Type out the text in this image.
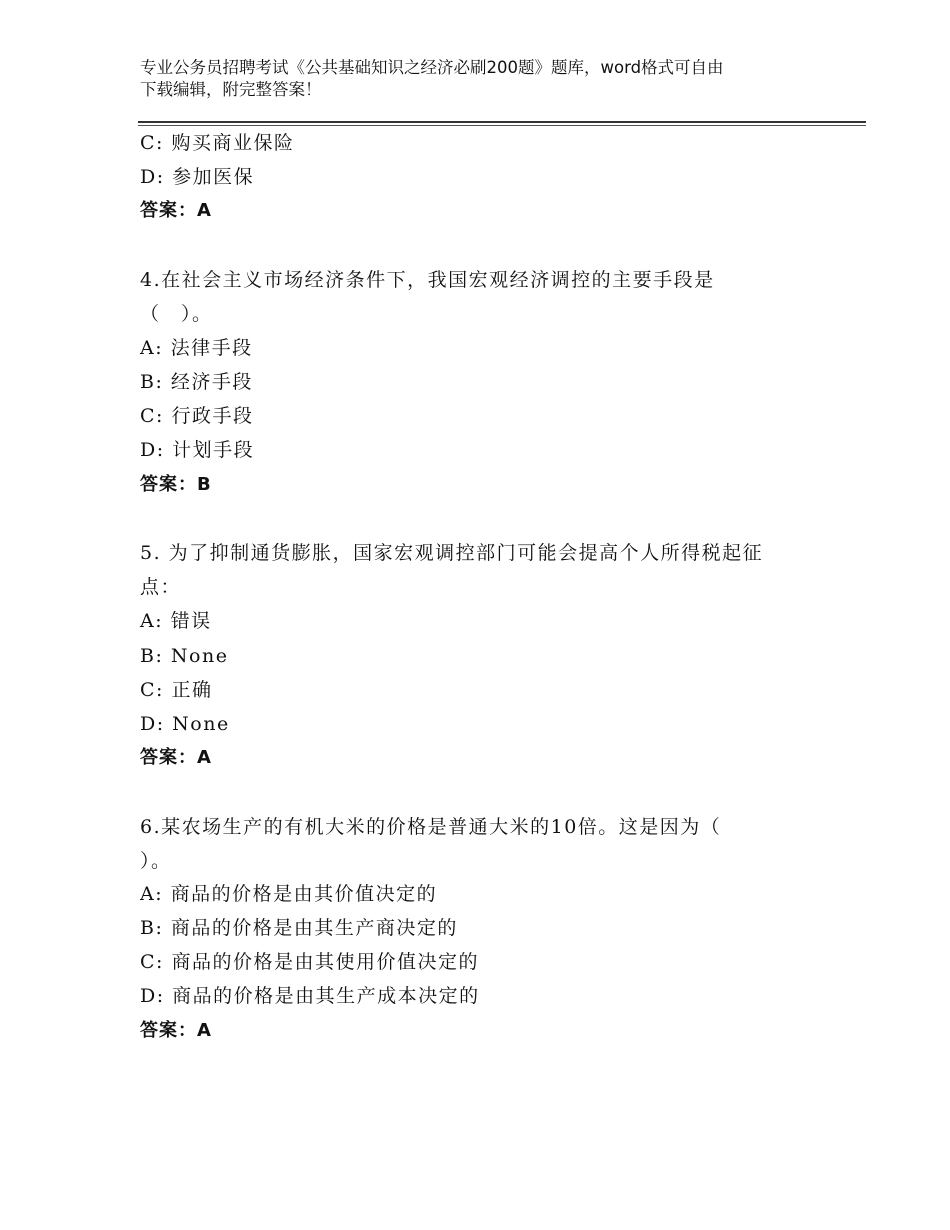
专业公务员招聘考试《公共基础知识之经济必刷200题》题库，word格式可自由
下载编辑，附完整答案！
C: 购买商业保险
D: 参加医保
答案：A
4.在社会主义市场经济条件下，我国宏观经济调控的主要手段是
（　）。
A: 法律手段
B: 经济手段
C: 行政手段
D: 计划手段
答案：B
5. 为了抑制通货膨胀，国家宏观调控部门可能会提高个人所得税起征
点：
A: 错误
B: None
C: 正确
D: None
答案：A
6.某农场生产的有机大米的价格是普通大米的10倍。这是因为（
）。
A: 商品的价格是由其价值决定的
B: 商品的价格是由其生产商决定的
C: 商品的价格是由其使用价值决定的
D: 商品的价格是由其生产成本决定的
答案：A
